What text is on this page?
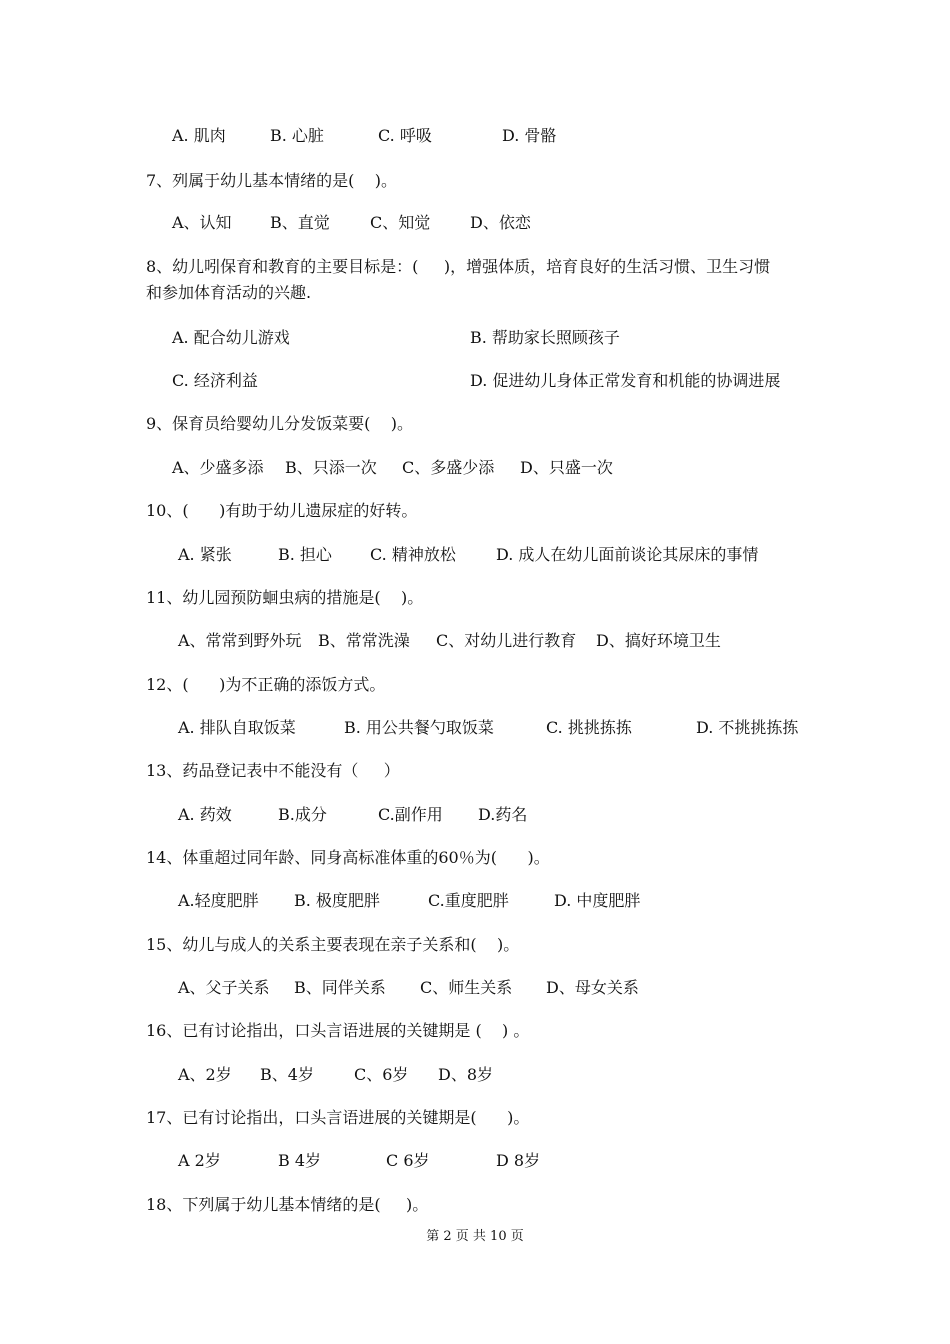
A. 肌肉	B. 心脏	C. 呼吸	D. 骨骼
7、列属于幼儿基本情绪的是(    )。
A、认知 B、直觉	C、知觉 D、依恋
8、幼儿吲保育和教育的主要目标是：(     )，增强体质，培育良好的生活习惯、卫生习惯
和参加体育活动的兴趣.
A. 配合幼儿游戏	B. 帮助家长照顾孩子
C. 经济利益	D. 促进幼儿身体正常发育和机能的协调进展
9、保育员给婴幼儿分发饭菜要(    )。
A、少盛多添 B、只添一次 C、多盛少添 D、只盛一次
10、(      )有助于幼儿遗尿症的好转。
A. 紧张	B. 担心 C. 精神放松	D. 成人在幼儿面前谈论其尿床的事情
11、幼儿园预防蛔虫病的措施是(    )。
A、常常到野外玩 B、常常洗澡 C、对幼儿进行教育 D、搞好环境卫生
12、(      )为不正确的添饭方式。
A. 排队自取饭菜	B. 用公共餐勺取饭菜	C. 挑挑拣拣	D. 不挑挑拣拣
13、药品登记表中不能没有（     ）
A. 药效	B.成分	C.副作用 D.药名
14、体重超过同年龄、同身高标准体重的60％为(      )。
A.轻度肥胖 B. 极度肥胖	C.重度肥胖	D. 中度肥胖
15、幼儿与成人的关系主要表现在亲子关系和(    )。
A、父子关系 B、同伴关系 C、师生关系 D、母女关系
16、已有讨论指出，口头言语进展的关键期是 (    ) 。
A、2岁 B、4岁	C、6岁 D、8岁
17、已有讨论指出，口头言语进展的关键期是(      )。
A 2岁	B 4岁	C 6岁	D 8岁
18、下列属于幼儿基本情绪的是(     )。
第 2 页 共 10 页
